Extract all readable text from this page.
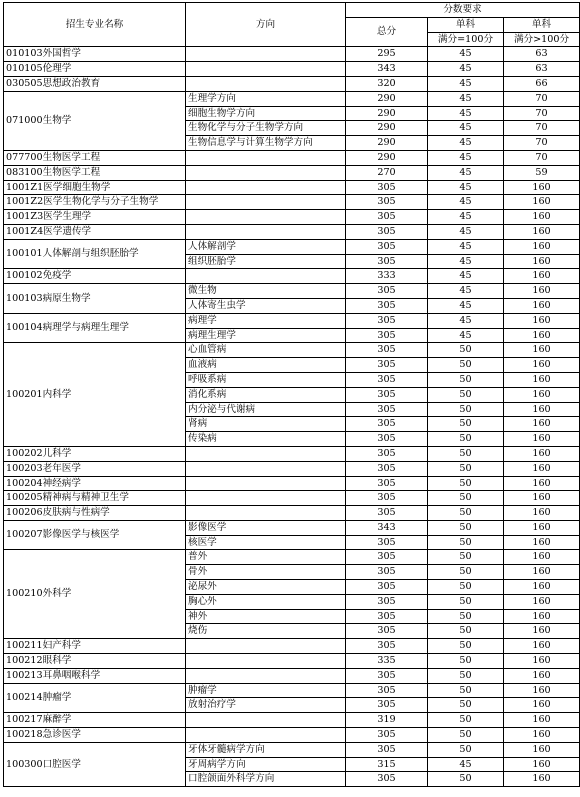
招生专业名称	方向	分数要求		
		总分	单科	单科
			满分=100分	满分>100分
010103外国哲学		295	45	63
010105伦理学		343	45	63
030505思想政治教育		320	45	66
071000生物学	生理学方向	290	45	70
	细胞生物学方向	290	45	70
	生物化学与分子生物学方向	290	45	70
	生物信息学与计算生物学方向	290	45	70
077700生物医学工程		290	45	70
083100生物医学工程		270	45	59
1001Z1医学细胞生物学		305	45	160
1001Z2医学生物化学与分子生物学		305	45	160
1001Z3医学生理学		305	45	160
1001Z4医学遗传学		305	45	160
100101人体解剖与组织胚胎学	人体解剖学	305	45	160
	组织胚胎学	305	45	160
100102免疫学		333	45	160
100103病原生物学	微生物	305	45	160
	人体寄生虫学	305	45	160
100104病理学与病理生理学	病理学	305	45	160
	病理生理学	305	45	160
100201内科学	心血管病	305	50	160
	血液病	305	50	160
	呼吸系病	305	50	160
	消化系病	305	50	160
	内分泌与代谢病	305	50	160
	肾病	305	50	160
	传染病	305	50	160
100202儿科学		305	50	160
100203老年医学		305	50	160
100204神经病学		305	50	160
100205精神病与精神卫生学		305	50	160
100206皮肤病与性病学		305	50	160
100207影像医学与核医学	影像医学	343	50	160
	核医学	305	50	160
100210外科学	普外	305	50	160
	骨外	305	50	160
	泌尿外	305	50	160
	胸心外	305	50	160
	神外	305	50	160
	烧伤	305	50	160
100211妇产科学		305	50	160
100212眼科学		335	50	160
100213耳鼻咽喉科学		305	50	160
100214肿瘤学	肿瘤学	305	50	160
	放射治疗学	305	50	160
100217麻醉学		319	50	160
100218急诊医学		305	50	160
100300口腔医学	牙体牙髓病学方向	305	50	160
	牙周病学方向	315	45	160
	口腔颌面外科学方向	305	50	160
